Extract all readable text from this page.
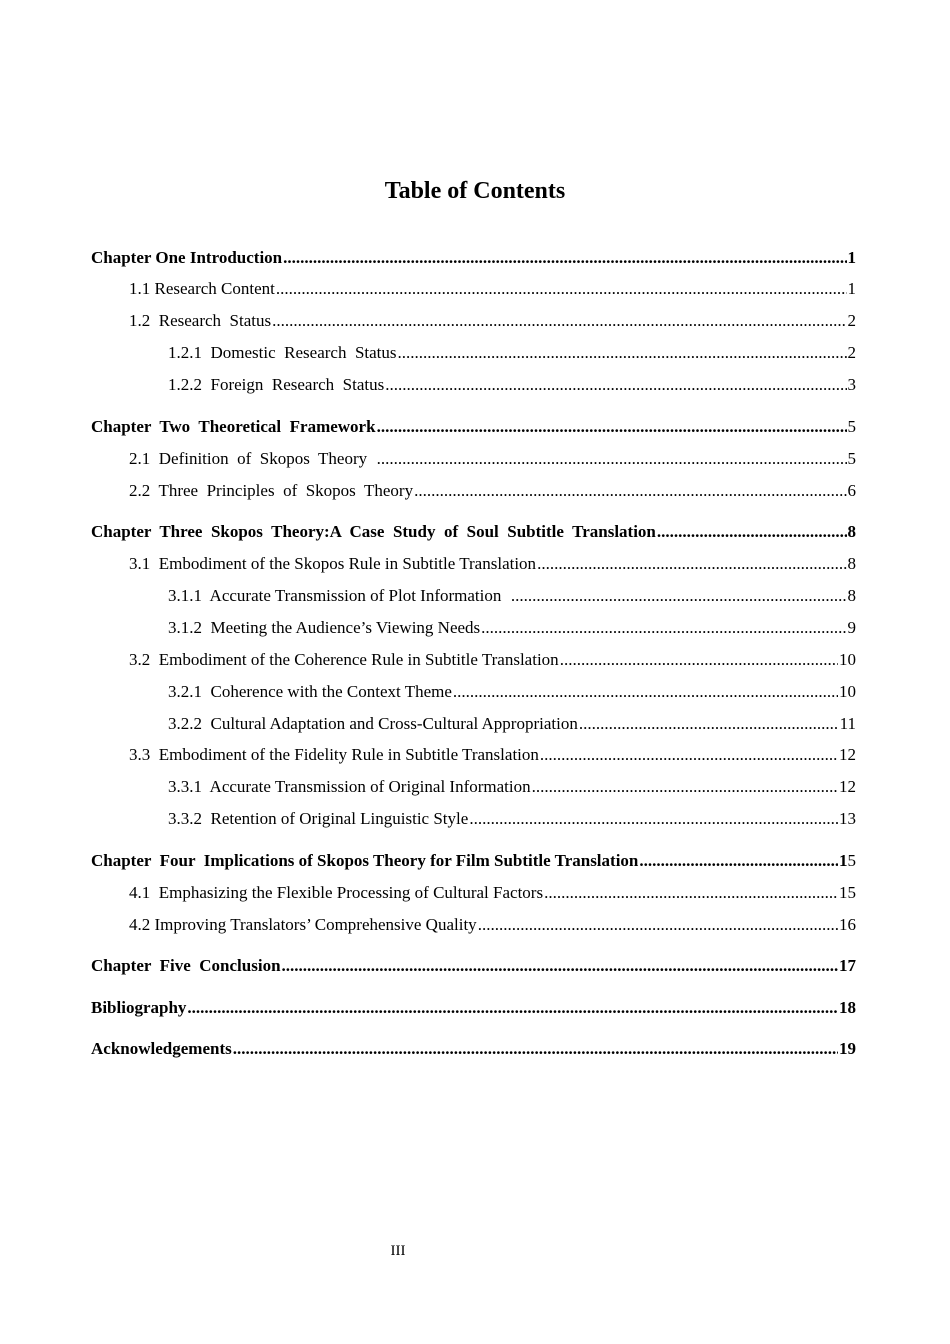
Table of Contents
Chapter One Introduction .....	1
1.1 Research Content .....	1
1.2  Research  Status .....	2
1.2.1  Domestic  Research  Status .....	2
1.2.2  Foreign  Research  Status .....	3
Chapter  Two  Theoretical  Framework .....	5
2.1  Definition  of  Skopos  Theory .....	5
2.2  Three  Principles  of  Skopos  Theory .....	6
Chapter  Three  Skopos  Theory:A  Case  Study  of  Soul  Subtitle  Translation .....	8
3.1  Embodiment of the Skopos Rule in Subtitle Translation .....	8
3.1.1  Accurate Transmission of Plot Information .....	8
3.1.2  Meeting the Audience’s Viewing Needs .....	9
3.2  Embodiment of the Coherence Rule in Subtitle Translation .....	10
3.2.1  Coherence with the Context Theme .....	10
3.2.2  Cultural Adaptation and Cross-Cultural Appropriation .....	11
3.3  Embodiment of the Fidelity Rule in Subtitle Translation .....	12
3.3.1  Accurate Transmission of Original Information .....	12
3.3.2  Retention of Original Linguistic Style .....	13
Chapter  Four  Implications of Skopos Theory for Film Subtitle Translation .....	15
4.1  Emphasizing the Flexible Processing of Cultural Factors .....	15
4.2 Improving Translators’ Comprehensive Quality .....	16
Chapter  Five  Conclusion .....	17
Bibliography .....	18
Acknowledgements .....	19
III
